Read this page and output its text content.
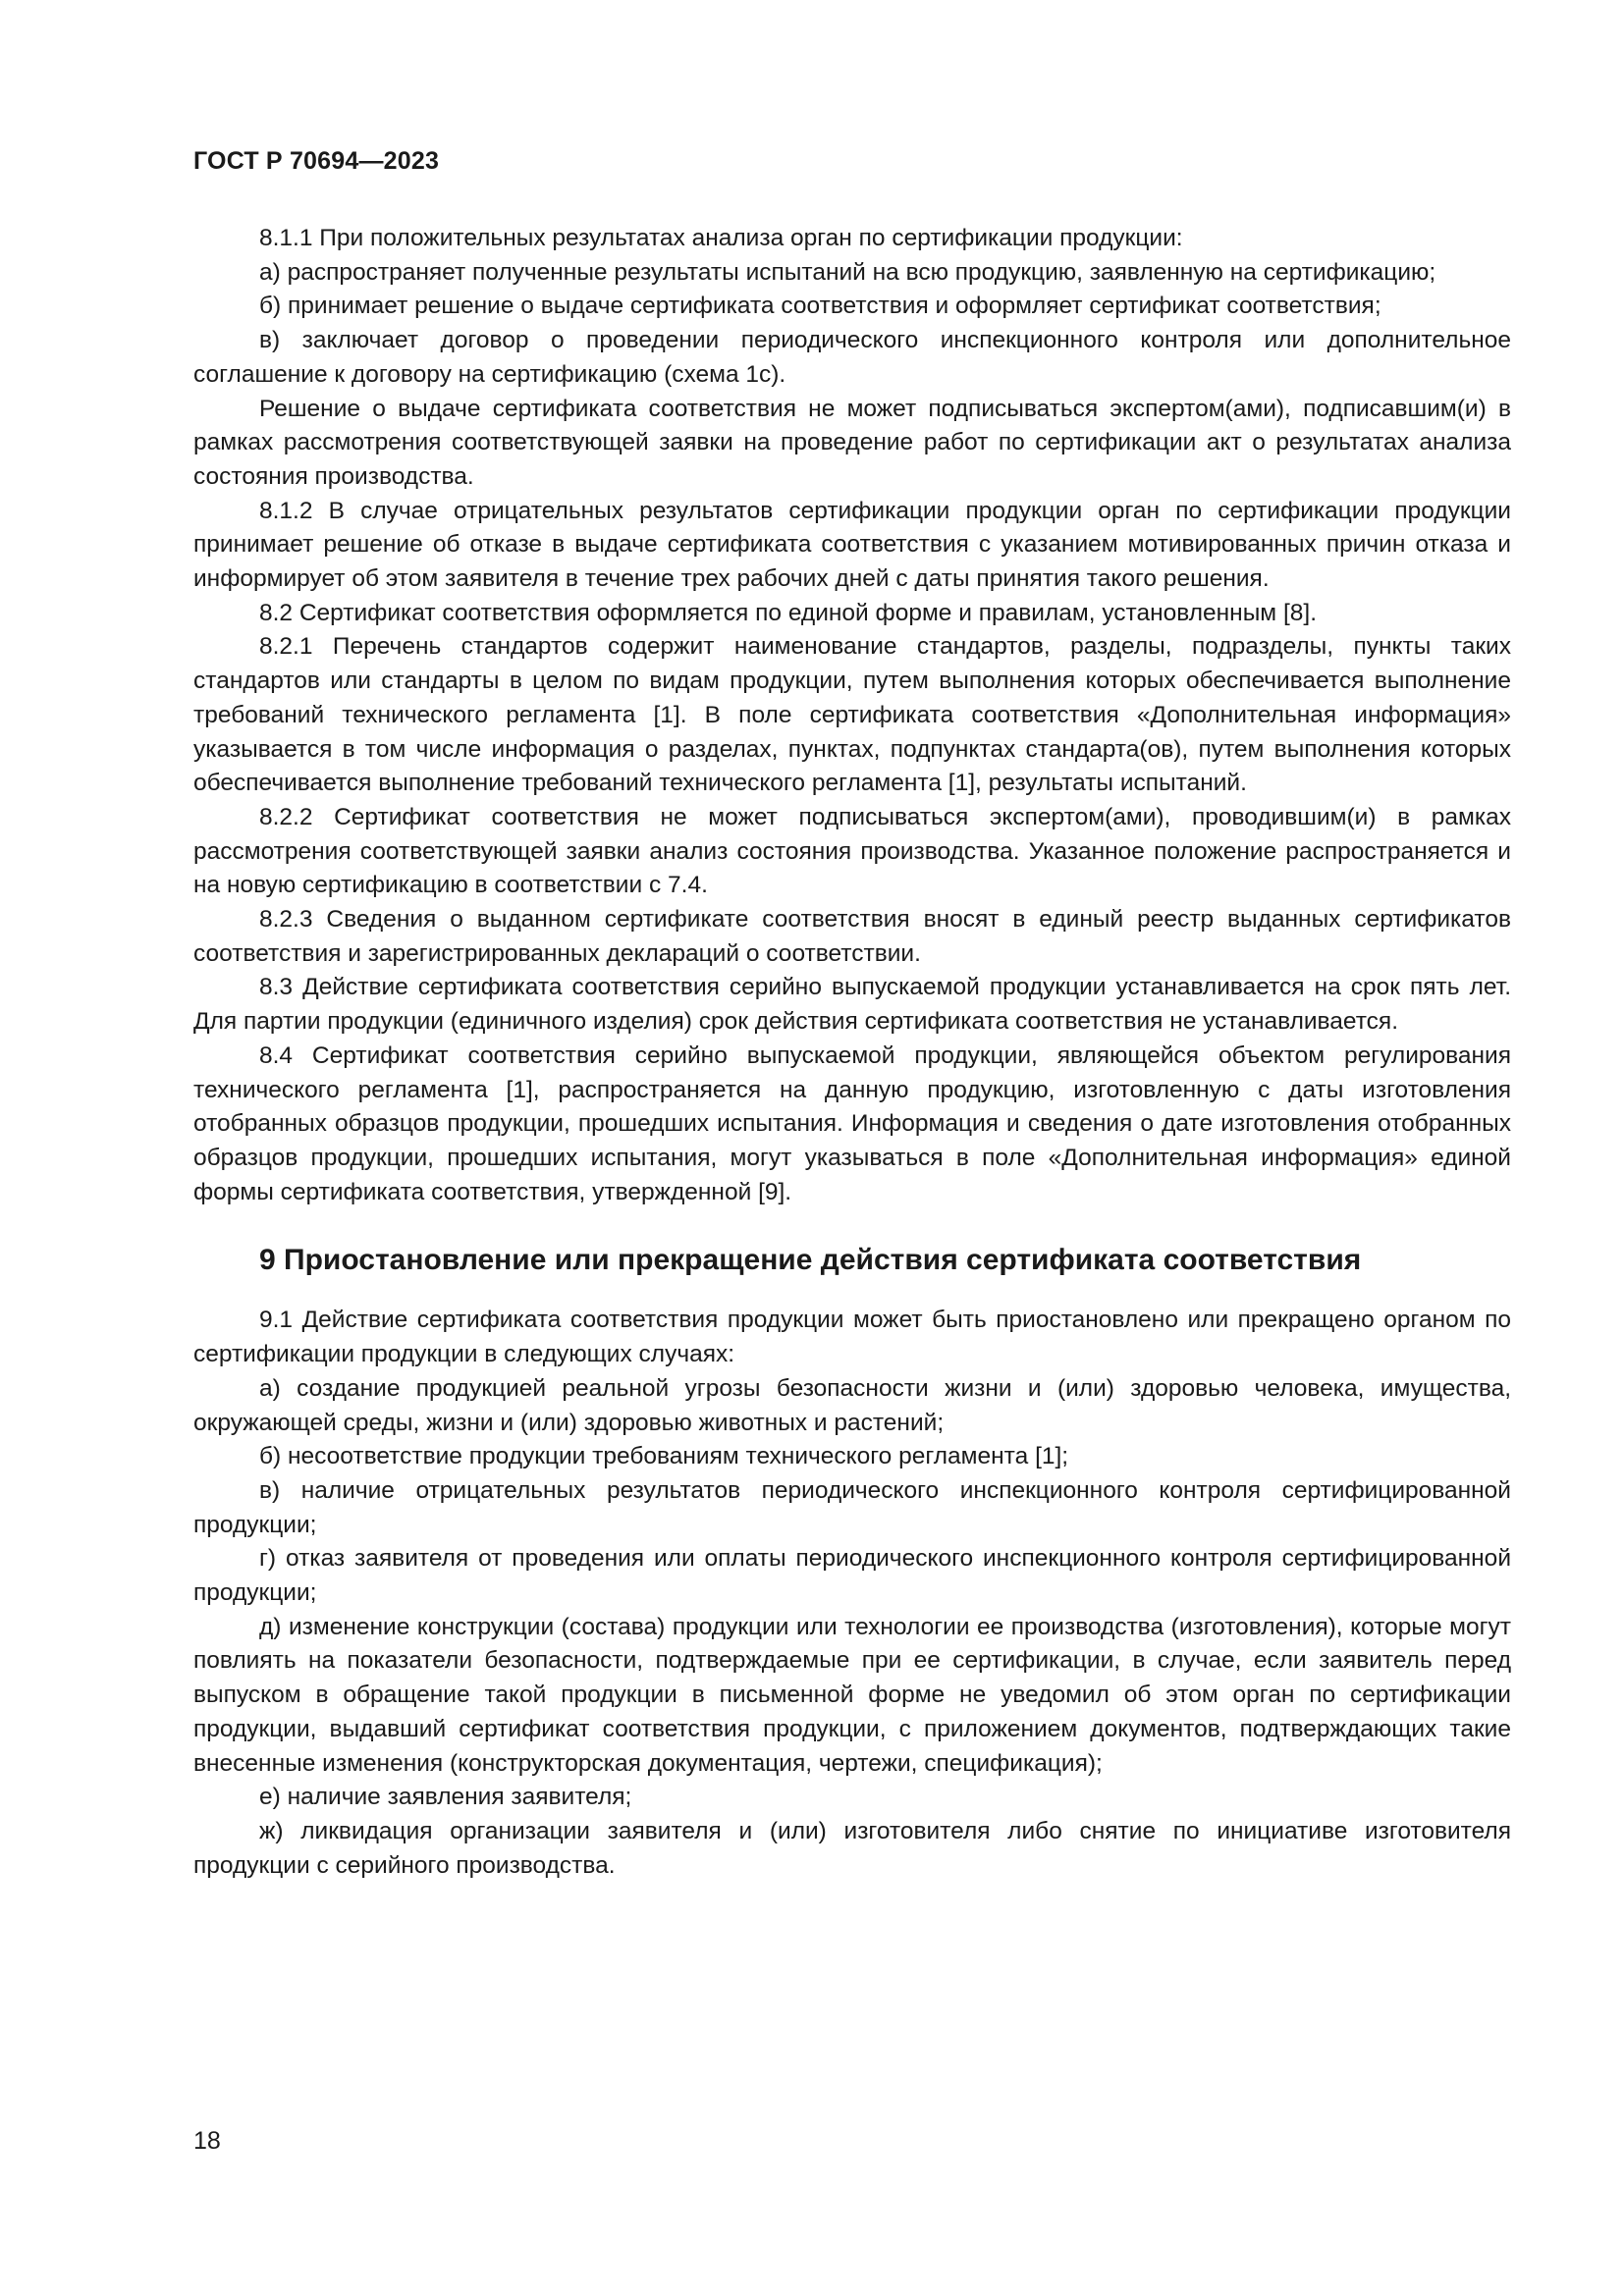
ГОСТ Р 70694—2023

8.1.1 При положительных результатах анализа орган по сертификации продукции:

а) распространяет полученные результаты испытаний на всю продукцию, заявленную на сертификацию;

б) принимает решение о выдаче сертификата соответствия и оформляет сертификат соответствия;

в) заключает договор о проведении периодического инспекционного контроля или дополнительное соглашение к договору на сертификацию (схема 1с).

Решение о выдаче сертификата соответствия не может подписываться экспертом(ами), подписавшим(и) в рамках рассмотрения соответствующей заявки на проведение работ по сертификации акт о результатах анализа состояния производства.

8.1.2 В случае отрицательных результатов сертификации продукции орган по сертификации продукции принимает решение об отказе в выдаче сертификата соответствия с указанием мотивированных причин отказа и информирует об этом заявителя в течение трех рабочих дней с даты принятия такого решения.

8.2 Сертификат соответствия оформляется по единой форме и правилам, установленным [8].

8.2.1 Перечень стандартов содержит наименование стандартов, разделы, подразделы, пункты таких стандартов или стандарты в целом по видам продукции, путем выполнения которых обеспечивается выполнение требований технического регламента [1]. В поле сертификата соответствия «Дополнительная информация» указывается в том числе информация о разделах, пунктах, подпунктах стандарта(ов), путем выполнения которых обеспечивается выполнение требований технического регламента [1], результаты испытаний.

8.2.2 Сертификат соответствия не может подписываться экспертом(ами), проводившим(и) в рамках рассмотрения соответствующей заявки анализ состояния производства. Указанное положение распространяется и на новую сертификацию в соответствии с 7.4.

8.2.3 Сведения о выданном сертификате соответствия вносят в единый реестр выданных сертификатов соответствия и зарегистрированных деклараций о соответствии.

8.3 Действие сертификата соответствия серийно выпускаемой продукции устанавливается на срок пять лет. Для партии продукции (единичного изделия) срок действия сертификата соответствия не устанавливается.

8.4 Сертификат соответствия серийно выпускаемой продукции, являющейся объектом регулирования технического регламента [1], распространяется на данную продукцию, изготовленную с даты изготовления отобранных образцов продукции, прошедших испытания. Информация и сведения о дате изготовления отобранных образцов продукции, прошедших испытания, могут указываться в поле «Дополнительная информация» единой формы сертификата соответствия, утвержденной [9].

9 Приостановление или прекращение действия сертификата соответствия

9.1 Действие сертификата соответствия продукции может быть приостановлено или прекращено органом по сертификации продукции в следующих случаях:

а) создание продукцией реальной угрозы безопасности жизни и (или) здоровью человека, имущества, окружающей среды, жизни и (или) здоровью животных и растений;

б) несоответствие продукции требованиям технического регламента [1];

в) наличие отрицательных результатов периодического инспекционного контроля сертифицированной продукции;

г) отказ заявителя от проведения или оплаты периодического инспекционного контроля сертифицированной продукции;

д) изменение конструкции (состава) продукции или технологии ее производства (изготовления), которые могут повлиять на показатели безопасности, подтверждаемые при ее сертификации, в случае, если заявитель перед выпуском в обращение такой продукции в письменной форме не уведомил об этом орган по сертификации продукции, выдавший сертификат соответствия продукции, с приложением документов, подтверждающих такие внесенные изменения (конструкторская документация, чертежи, спецификация);

е) наличие заявления заявителя;

ж) ликвидация организации заявителя и (или) изготовителя либо снятие по инициативе изготовителя продукции с серийного производства.

18
